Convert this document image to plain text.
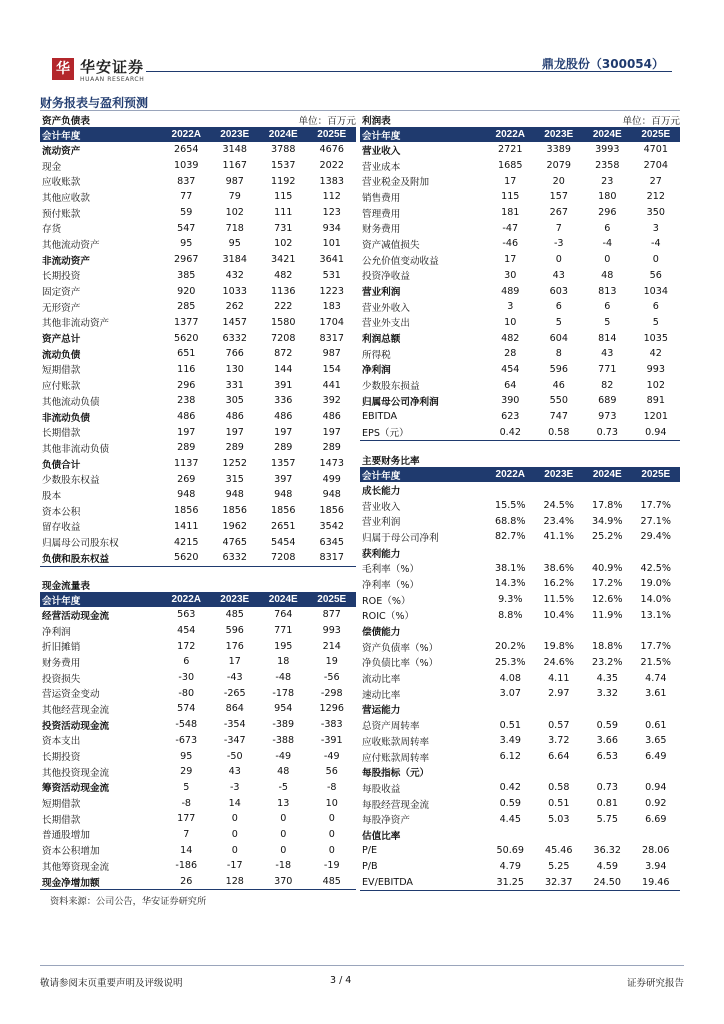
华 华安证券
HUAAN RESEARCH
鼎龙股份（300054）
财务报表与盈利预测
资产负债表			单位：百万元	
会计年度	2022A	2023E	2024E	2025E
流动资产	2654	3148	3788	4676
现金	1039	1167	1537	2022
应收账款	837	987	1192	1383
其他应收款	77	79	115	112
预付账款	59	102	111	123
存货	547	718	731	934
其他流动资产	95	95	102	101
非流动资产	2967	3184	3421	3641
长期投资	385	432	482	531
固定资产	920	1033	1136	1223
无形资产	285	262	222	183
其他非流动资产	1377	1457	1580	1704
资产总计	5620	6332	7208	8317
流动负债	651	766	872	987
短期借款	116	130	144	154
应付账款	296	331	391	441
其他流动负债	238	305	336	392
非流动负债	486	486	486	486
长期借款	197	197	197	197
其他非流动负债	289	289	289	289
负债合计	1137	1252	1357	1473
少数股东权益	269	315	397	499
股本	948	948	948	948
资本公积	1856	1856	1856	1856
留存收益	1411	1962	2651	3542
归属母公司股东权	4215	4765	5454	6345
负债和股东权益	5620	6332	7208	8317
利润表			单位：百万元	
会计年度	2022A	2023E	2024E	2025E
营业收入	2721	3389	3993	4701
营业成本	1685	2079	2358	2704
营业税金及附加	17	20	23	27
销售费用	115	157	180	212
管理费用	181	267	296	350
财务费用	-47	7	6	3
资产减值损失	-46	-3	-4	-4
公允价值变动收益	17	0	0	0
投资净收益	30	43	48	56
营业利润	489	603	813	1034
营业外收入	3	6	6	6
营业外支出	10	5	5	5
利润总额	482	604	814	1035
所得税	28	8	43	42
净利润	454	596	771	993
少数股东损益	64	46	82	102
归属母公司净利润	390	550	689	891
EBITDA	623	747	973	1201
EPS（元）	0.42	0.58	0.73	0.94
现金流量表				
会计年度	2022A	2023E	2024E	2025E
经营活动现金流	563	485	764	877
净利润	454	596	771	993
折旧摊销	172	176	195	214
财务费用	6	17	18	19
投资损失	-30	-43	-48	-56
营运资金变动	-80	-265	-178	-298
其他经营现金流	574	864	954	1296
投资活动现金流	-548	-354	-389	-383
资本支出	-673	-347	-388	-391
长期投资	95	-50	-49	-49
其他投资现金流	29	43	48	56
筹资活动现金流	5	-3	-5	-8
短期借款	-8	14	13	10
长期借款	177	0	0	0
普通股增加	7	0	0	0
资本公积增加	14	0	0	0
其他筹资现金流	-186	-17	-18	-19
现金净增加额	26	128	370	485
主要财务比率				
会计年度	2022A	2023E	2024E	2025E
成长能力				
营业收入	15.5%	24.5%	17.8%	17.7%
营业利润	68.8%	23.4%	34.9%	27.1%
归属于母公司净利	82.7%	41.1%	25.2%	29.4%
获利能力				
毛利率（%）	38.1%	38.6%	40.9%	42.5%
净利率（%）	14.3%	16.2%	17.2%	19.0%
ROE（%）	9.3%	11.5%	12.6%	14.0%
ROIC（%）	8.8%	10.4%	11.9%	13.1%
偿债能力				
资产负债率（%）	20.2%	19.8%	18.8%	17.7%
净负债比率（%）	25.3%	24.6%	23.2%	21.5%
流动比率	4.08	4.11	4.35	4.74
速动比率	3.07	2.97	3.32	3.61
营运能力				
总资产周转率	0.51	0.57	0.59	0.61
应收账款周转率	3.49	3.72	3.66	3.65
应付账款周转率	6.12	6.64	6.53	6.49
每股指标（元）				
每股收益	0.42	0.58	0.73	0.94
每股经营现金流	0.59	0.51	0.81	0.92
每股净资产	4.45	5.03	5.75	6.69
估值比率				
P/E	50.69	45.46	36.32	28.06
P/B	4.79	5.25	4.59	3.94
EV/EBITDA	31.25	32.37	24.50	19.46
资料来源：公司公告，华安证券研究所
敬请参阅末页重要声明及评级说明	3 / 4	证券研究报告
